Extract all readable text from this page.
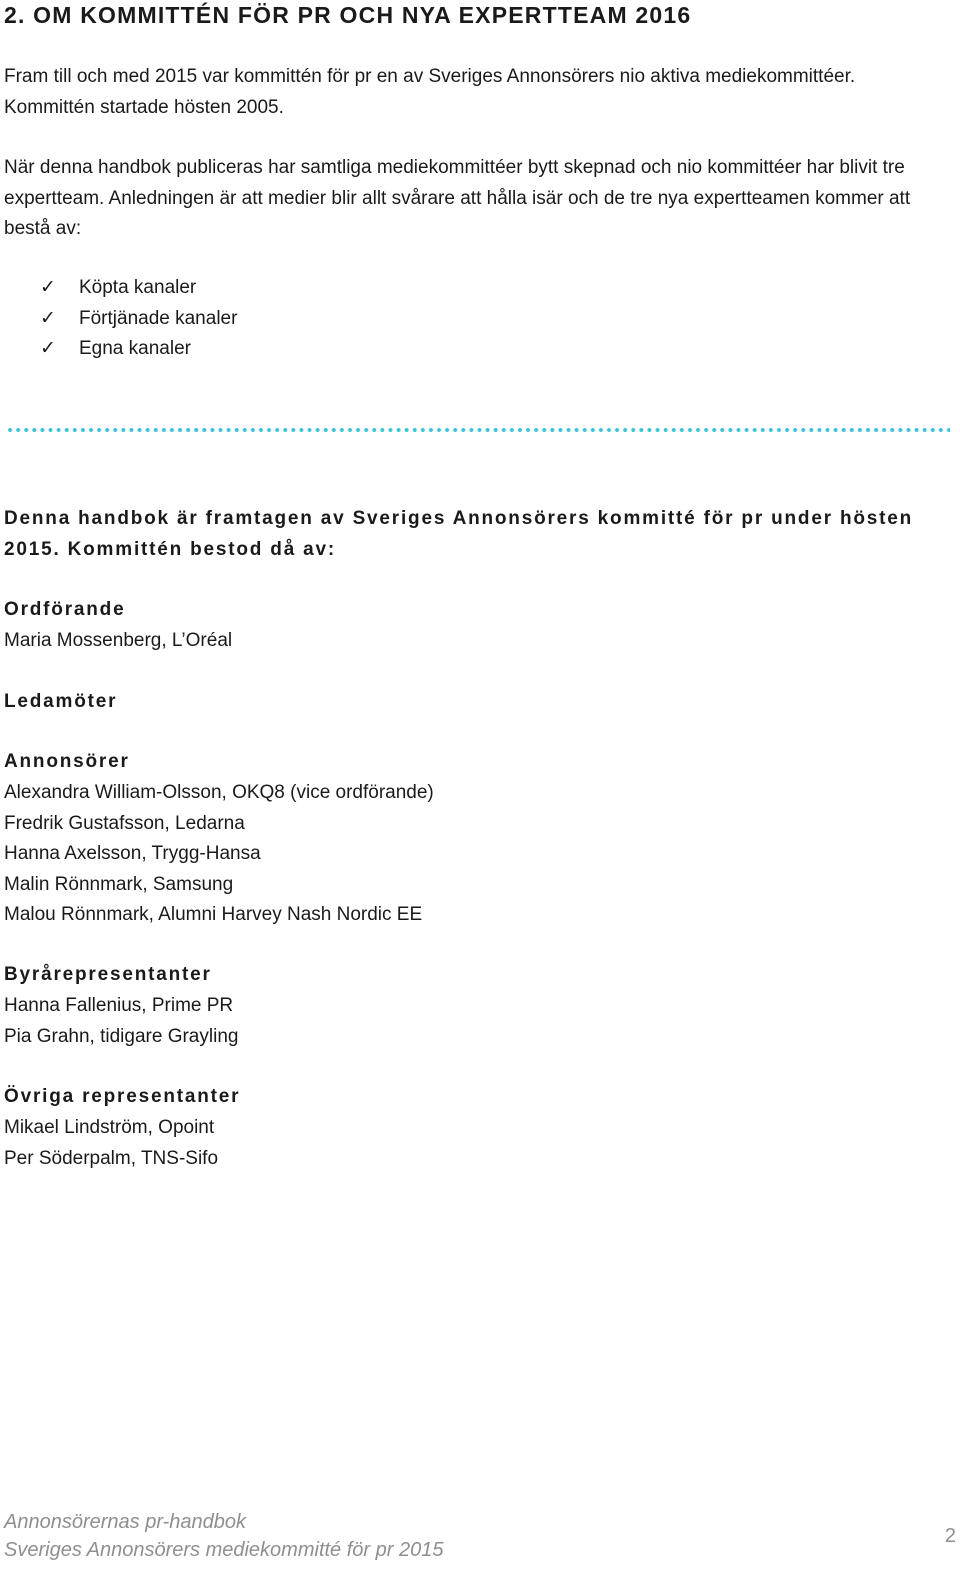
2. OM KOMMITTÉN FÖR PR OCH NYA EXPERTTEAM 2016

Fram till och med 2015 var kommittén för pr en av Sveriges Annonsörers nio aktiva mediekommittéer. Kommittén startade hösten 2005.

När denna handbok publiceras har samtliga mediekommittéer bytt skepnad och nio kommittéer har blivit tre expertteam. Anledningen är att medier blir allt svårare att hålla isär och de tre nya expertteamen kommer att bestå av:

✓ Köpta kanaler
✓ Förtjänade kanaler
✓ Egna kanaler

Denna handbok är framtagen av Sveriges Annonsörers kommitté för pr under hösten 2015. Kommittén bestod då av:

Ordförande

Maria Mossenberg, L’Oréal

Ledamöter

Annonsörer

Alexandra William-Olsson, OKQ8 (vice ordförande)
Fredrik Gustafsson, Ledarna
Hanna Axelsson, Trygg-Hansa
Malin Rönnmark, Samsung
Malou Rönnmark, Alumni Harvey Nash Nordic EE

Byrårepresentanter

Hanna Fallenius, Prime PR
Pia Grahn, tidigare Grayling

Övriga representanter

Mikael Lindström, Opoint
Per Söderpalm, TNS-Sifo

Annonsörernas pr-handbok

Sveriges Annonsörers mediekommitté för pr 2015

2
